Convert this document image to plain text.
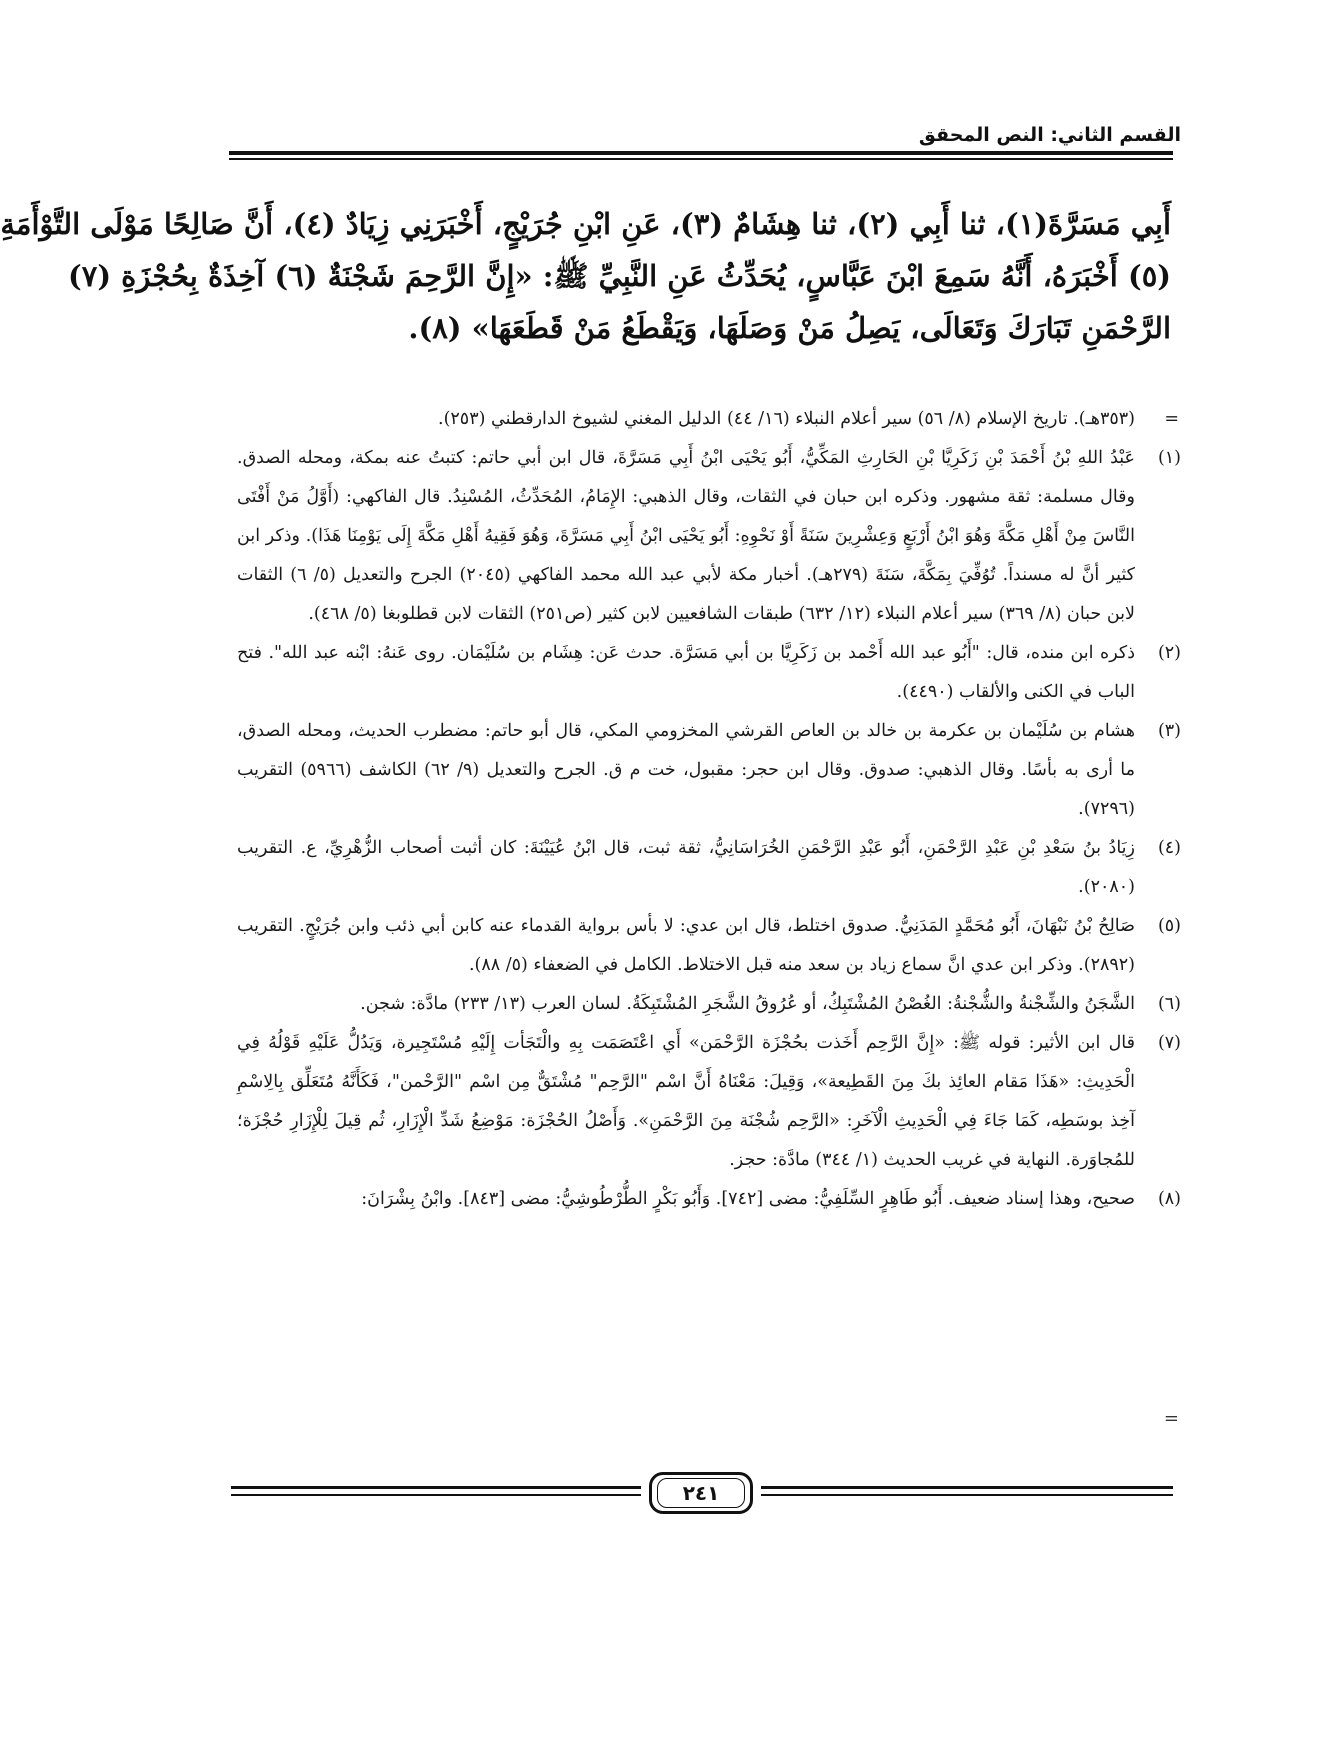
القسم الثاني: النص المحقق
أَبِي مَسَرَّةَ(١)، ثنا أَبِي (٢)، ثنا هِشَامٌ (٣)، عَنِ ابْنِ جُرَيْجٍ، أَخْبَرَنِي زِيَادٌ (٤)، أَنَّ صَالِحًا مَوْلَى التَّوْأَمَةِ
(٥) أَخْبَرَهُ، أَنَّهُ سَمِعَ ابْنَ عَبَّاسٍ، يُحَدِّثُ عَنِ النَّبِيِّ ﷺ: «إِنَّ الرَّحِمَ شَجْنَةٌ (٦) آخِذَةٌ بِحُجْزَةِ (٧)
الرَّحْمَنِ تَبَارَكَ وَتَعَالَى، يَصِلُ مَنْ وَصَلَهَا، وَيَقْطَعُ مَنْ قَطَعَهَا» (٨).
=
(٣٥٣هـ). تاريخ الإسلام (٨/ ٥٦) سير أعلام النبلاء (١٦/ ٤٤) الدليل المغني لشيوخ الدارقطني (٢٥٣).
(١)
عَبْدُ اللهِ بْنُ أَحْمَدَ بْنِ زَكَرِيَّا بْنِ الحَارِثِ المَكِّيُّ، أَبُو يَحْيَى ابْنُ أَبِي مَسَرَّةَ، قال ابن أبي حاتم: كتبتُ عنه بمكة، ومحله الصدق. وقال مسلمة: ثقة مشهور. وذكره ابن حبان في الثقات، وقال الذهبي: الإِمَامُ، المُحَدِّثُ، المُسْنِدُ. قال الفاكهي: (أَوَّلُ مَنْ أَفْتَى النَّاسَ مِنْ أَهْلِ مَكَّةَ وَهُوَ ابْنُ أَرْبَعٍ وَعِشْرِينَ سَنَةً أَوْ نَحْوِهِ: أَبُو يَحْيَى ابْنُ أَبِي مَسَرَّةَ، وَهُوَ فَقِيهُ أَهْلِ مَكَّةَ إِلَى يَوْمِنَا هَذَا). وذكر ابن كثير أنَّ له مسنداً. تُوُفِّيَ بِمَكَّةَ، سَنَةَ (٢٧٩هـ). أخبار مكة لأبي عبد الله محمد الفاكهي (٢٠٤٥) الجرح والتعديل (٥/ ٦) الثقات لابن حبان (٨/ ٣٦٩) سير أعلام النبلاء (١٢/ ٦٣٢) طبقات الشافعيين لابن كثير (ص٢٥١) الثقات لابن قطلوبغا (٥/ ٤٦٨).
(٢)
ذكره ابن منده، قال: "أَبُو عبد الله أَحْمد بن زَكَرِيَّا بن أبي مَسَرَّة. حدث عَن: هِشَام بن سُلَيْمَان. روى عَنهُ: ابْنه عبد الله". فتح الباب في الكنى والألقاب (٤٤٩٠).
(٣)
هشام بن سُلَيْمان بن عكرمة بن خالد بن العاص القرشي المخزومي المكي، قال أبو حاتم: مضطرب الحديث، ومحله الصدق، ما أرى به بأسًا. وقال الذهبي: صدوق. وقال ابن حجر: مقبول، خت م ق. الجرح والتعديل (٩/ ٦٢) الكاشف (٥٩٦٦) التقريب (٧٢٩٦).
(٤)
زِيَادُ بنُ سَعْدِ بْنِ عَبْدِ الرَّحْمَنِ، أَبُو عَبْدِ الرَّحْمَنِ الخُرَاسَانِيُّ، ثقة ثبت، قال ابْنُ عُيَيْنَةَ: كان أثبت أصحاب الزُّهْرِيِّ، ع. التقريب (٢٠٨٠).
(٥)
صَالِحُ بْنُ نَبْهَانَ، أَبُو مُحَمَّدٍ المَدَنِيُّ. صدوق اختلط، قال ابن عدي: لا بأس برواية القدماء عنه كابن أبي ذئب وابن جُرَيْجٍ. التقريب (٢٨٩٢). وذكر ابن عدي انَّ سماع زياد بن سعد منه قبل الاختلاط. الكامل في الضعفاء (٥/ ٨٨).
(٦)
الشَّجَنُ والشِّجْنةُ والشُّجْنةُ: الغُصْنُ المُشْتَبِكُ، أو عُرُوقُ الشَّجَرِ المُشْتَبِكَةُ. لسان العرب (١٣/ ٢٣٣) مادَّة: شجن.
(٧)
قال ابن الأثير: قوله ﷺ: «إِنَّ الرَّحِم أَخَذت بحُجْزَة الرَّحْمَن» أَي اعْتَصَمَت بِهِ والْتَجَأت إِلَيْهِ مُسْتَجِيرة، وَيَدُلُّ عَلَيْهِ قَوْلُهُ فِي الْحَدِيثِ: «هَذَا مَقام العائِذ بكَ مِنَ القَطِيعة»، وَقِيلَ: مَعْنَاهُ أَنَّ اسْم "الرَّحِم" مُشْتَقٌّ مِن اسْم "الرَّحْمن"، فَكَأَنَّهُ مُتَعَلِّق بِالِاسْمِ آخِذ بوسَطِه، كَمَا جَاءَ فِي الْحَدِيثِ الْآخَرِ: «الرَّحِم شُجْنَة مِنَ الرَّحْمَنِ». وَأَصْلُ الحُجْزَة: مَوْضِعُ شَدِّ الْإِزَارِ، ثُم قِيلَ لِلْإِزَارِ حُجْزَة؛ للمُجاوَرة. النهاية في غريب الحديث (١/ ٣٤٤) مادَّة: حجز.
(٨)
صحيح، وهذا إسناد ضعيف. أَبُو طَاهِرٍ السِّلَفِيُّ: مضى [٧٤٢]. وَأَبُو بَكْرٍ الطُّرْطُوشِيُّ: مضى [٨٤٣]. وابْنُ بِشْرَانَ:
=
٢٤١
